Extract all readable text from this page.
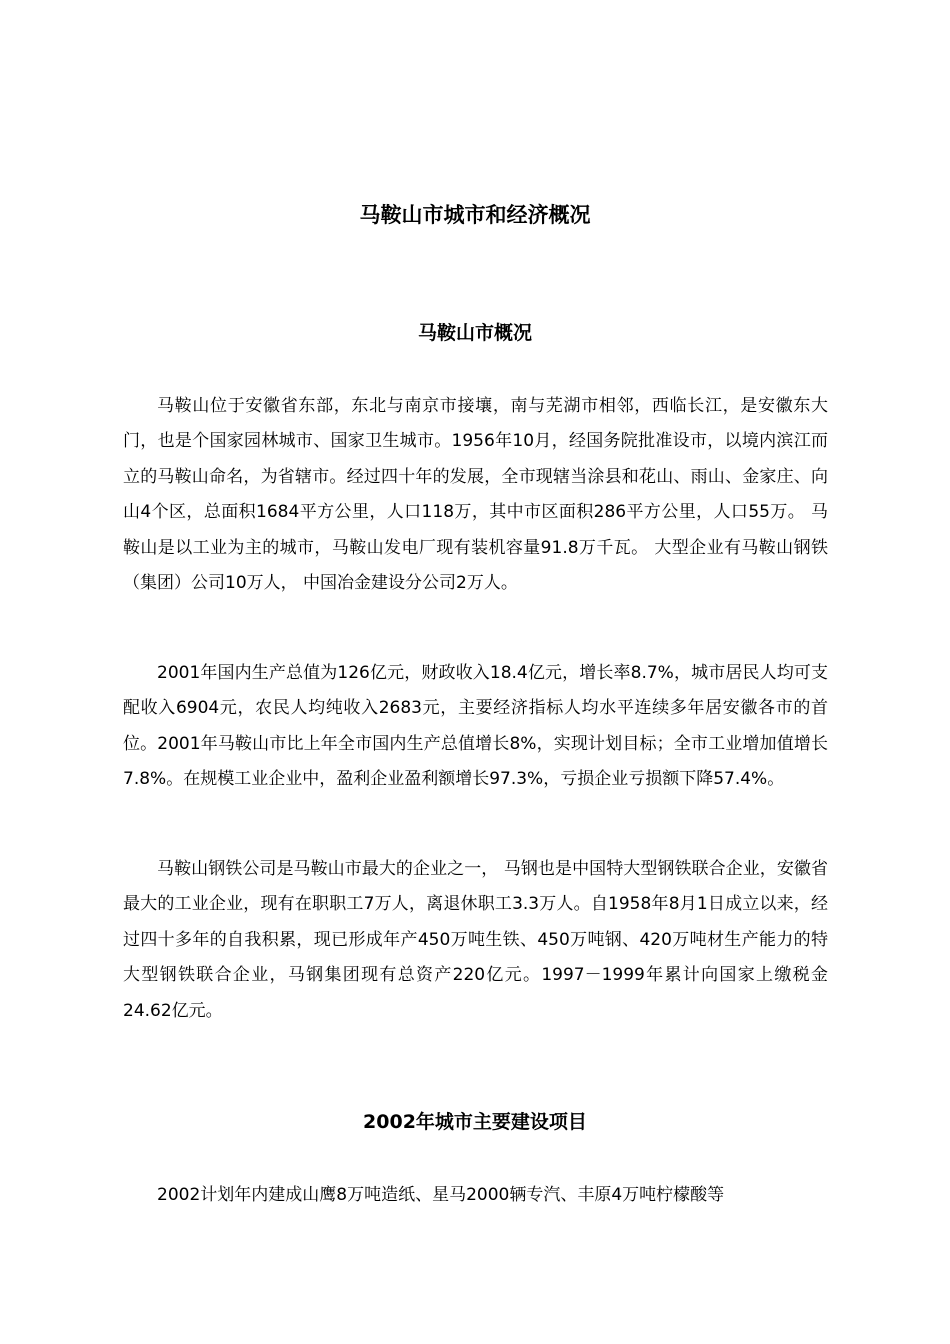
马鞍山市城市和经济概况
马鞍山市概况

马鞍山位于安徽省东部，东北与南京市接壤，南与芜湖市相邻，西临长江，是安徽东大门，也是个国家园林城市、国家卫生城市。1956年10月，经国务院批准设市，以境内滨江而立的马鞍山命名，为省辖市。经过四十年的发展，全市现辖当涂县和花山、雨山、金家庄、向山4个区，总面积1684平方公里，人口118万，其中市区面积286平方公里，人口55万。 马鞍山是以工业为主的城市，马鞍山发电厂现有装机容量91.8万千瓦。 大型企业有马鞍山钢铁（集团）公司10万人， 中国冶金建设分公司2万人。

2001年国内生产总值为126亿元，财政收入18.4亿元，增长率8.7%，城市居民人均可支配收入6904元，农民人均纯收入2683元，主要经济指标人均水平连续多年居安徽各市的首位。2001年马鞍山市比上年全市国内生产总值增长8%，实现计划目标；全市工业增加值增长7.8%。在规模工业企业中，盈利企业盈利额增长97.3%，亏损企业亏损额下降57.4%。

马鞍山钢铁公司是马鞍山市最大的企业之一， 马钢也是中国特大型钢铁联合企业，安徽省最大的工业企业，现有在职职工7万人，离退休职工3.3万人。自1958年8月1日成立以来，经过四十多年的自我积累，现已形成年产450万吨生铁、450万吨钢、420万吨材生产能力的特大型钢铁联合企业，马钢集团现有总资产220亿元。1997－1999年累计向国家上缴税金24.62亿元。

2002年城市主要建设项目

2002计划年内建成山鹰8万吨造纸、星马2000辆专汽、丰原4万吨柠檬酸等
